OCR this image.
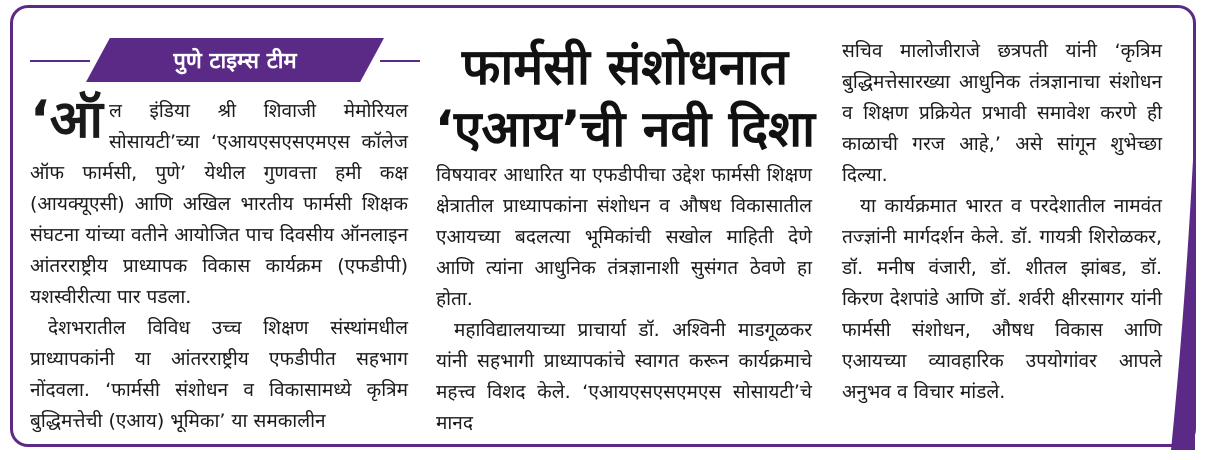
पुणे टाइम्स टीम	फार्मसी संशोधनात
‘एआय’ची नवी दिशा

‘ऑल इंडिया श्री शिवाजी मेमोरियल सोसायटी’च्या ‘एआयएसएसएमएस कॉलेज ऑफ फार्मसी, पुणे’ येथील गुणवत्ता हमी कक्ष (आयक्यूएसी) आणि अखिल भारतीय फार्मसी शिक्षक संघटना यांच्या वतीने आयोजित पाच दिवसीय ऑनलाइन आंतरराष्ट्रीय प्राध्यापक विकास कार्यक्रम (एफडीपी) यशस्वीरीत्या पार पडला.

देशभरातील विविध उच्च शिक्षण संस्थांमधील प्राध्यापकांनी या आंतरराष्ट्रीय एफडीपीत सहभाग नोंदवला. ‘फार्मसी संशोधन व विकासामध्ये कृत्रिम बुद्धिमत्तेची (एआय) भूमिका’ या समकालीन

विषयावर आधारित या एफडीपीचा उद्देश फार्मसी शिक्षण क्षेत्रातील प्राध्यापकांना संशोधन व औषध विकासातील एआयच्या बदलत्या भूमिकांची सखोल माहिती देणे आणि त्यांना आधुनिक तंत्रज्ञानाशी सुसंगत ठेवणे हा होता.

महाविद्यालयाच्या प्राचार्या डॉ. अश्विनी माडगूळकर यांनी सहभागी प्राध्यापकांचे स्वागत करून कार्यक्रमाचे महत्त्व विशद केले. ‘एआयएसएसएमएस सोसायटी’चे मानद

सचिव मालोजीराजे छत्रपती यांनी ‘कृत्रिम बुद्धिमत्तेसारख्या आधुनिक तंत्रज्ञानाचा संशोधन व शिक्षण प्रक्रियेत प्रभावी समावेश करणे ही काळाची गरज आहे,’ असे सांगून शुभेच्छा दिल्या.

या कार्यक्रमात भारत व परदेशातील नामवंत तज्ज्ञांनी मार्गदर्शन केले. डॉ. गायत्री शिरोळकर, डॉ. मनीष वंजारी, डॉ. शीतल झांबड, डॉ. किरण देशपांडे आणि डॉ. शर्वरी क्षीरसागर यांनी फार्मसी संशोधन, औषध विकास आणि एआयच्या व्यावहारिक उपयोगांवर आपले अनुभव व विचार मांडले.
